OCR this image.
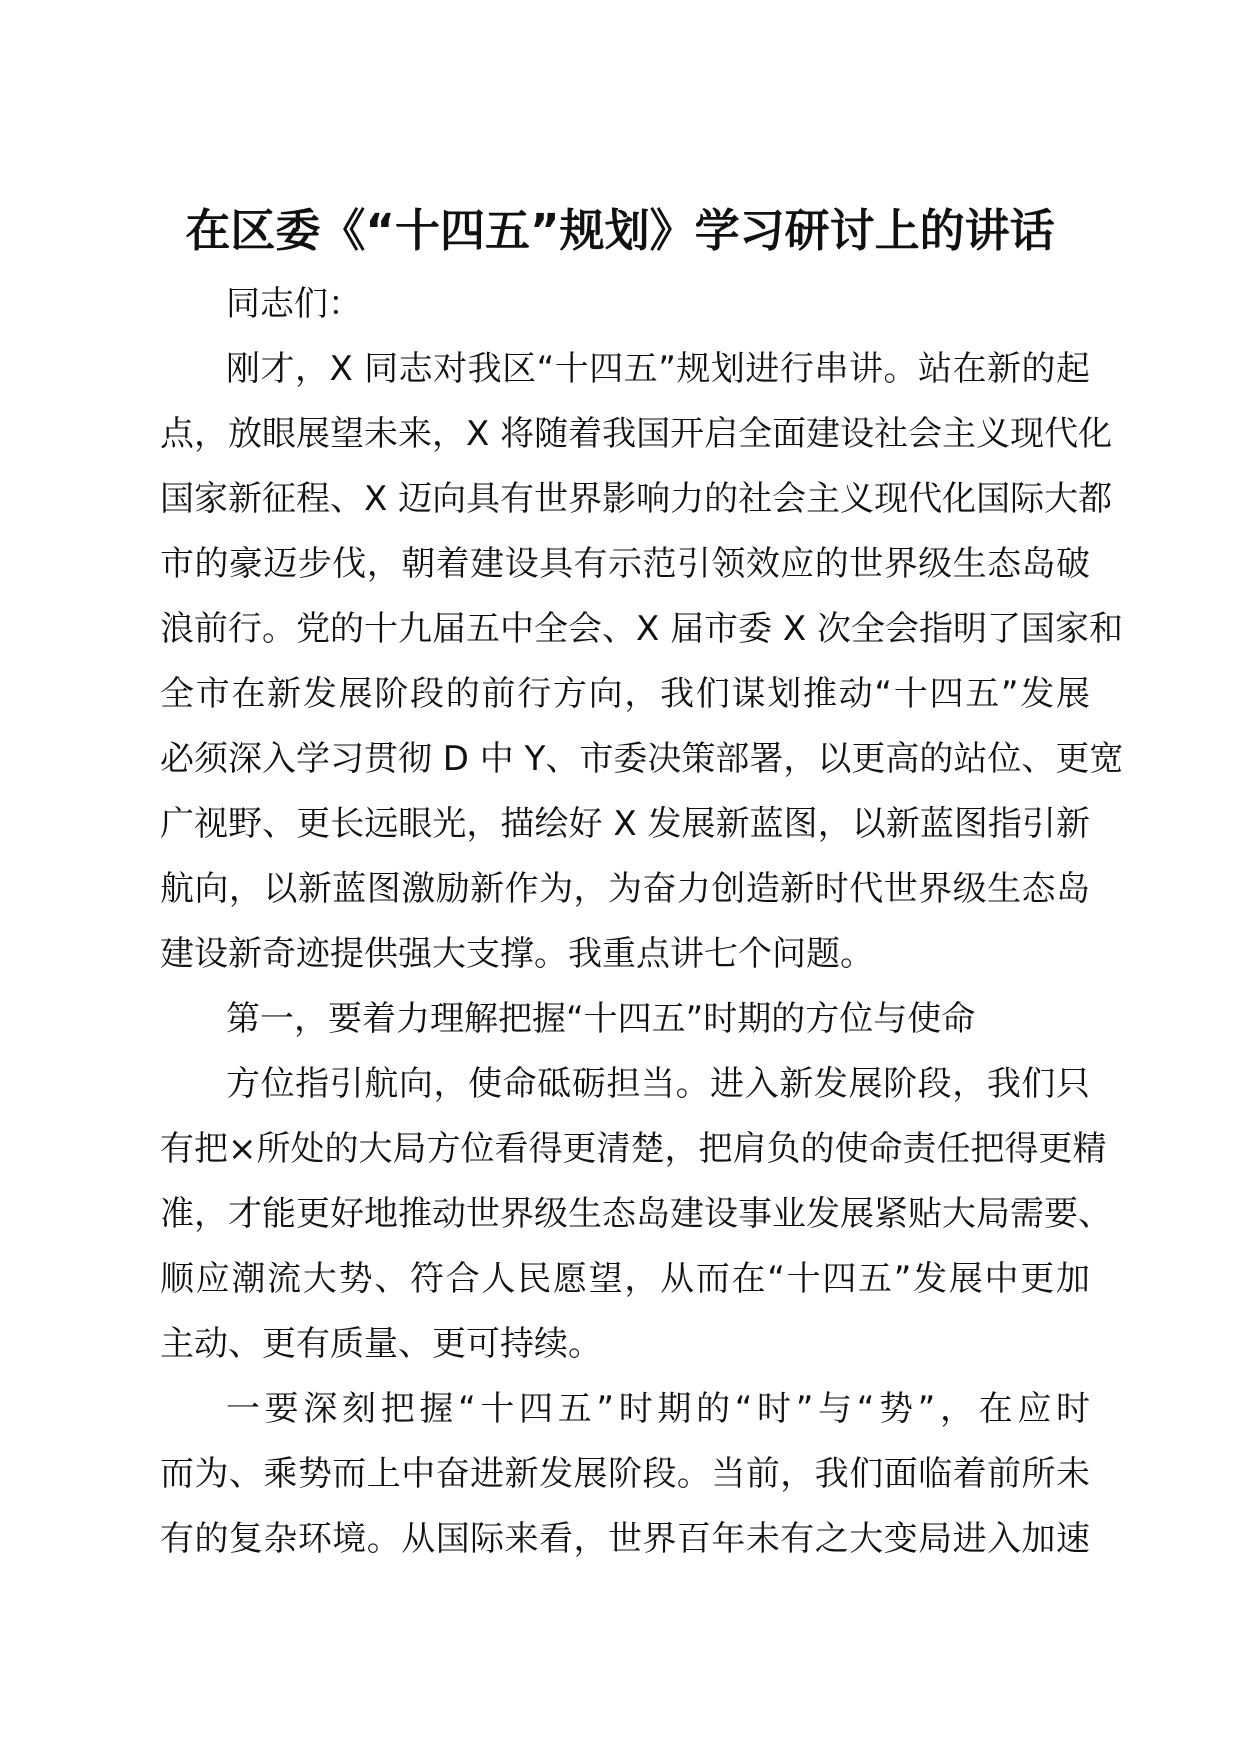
在区委《“十四五”规划》学习研讨上的讲话
同志们：
刚才，X 同志对我区“十四五”规划进行串讲。站在新的起
点，放眼展望未来，X 将随着我国开启全面建设社会主义现代化
国家新征程、X 迈向具有世界影响力的社会主义现代化国际大都
市的豪迈步伐，朝着建设具有示范引领效应的世界级生态岛破
浪前行。党的十九届五中全会、X 届市委 X 次全会指明了国家和
全市在新发展阶段的前行方向，我们谋划推动“十四五”发展
必须深入学习贯彻 D 中 Y、市委决策部署，以更高的站位、更宽
广视野、更长远眼光，描绘好 X 发展新蓝图，以新蓝图指引新
航向，以新蓝图激励新作为，为奋力创造新时代世界级生态岛
建设新奇迹提供强大支撑。我重点讲七个问题。
第一，要着力理解把握“十四五”时期的方位与使命
方位指引航向，使命砥砺担当。进入新发展阶段，我们只
有把×所处的大局方位看得更清楚，把肩负的使命责任把得更精
准，才能更好地推动世界级生态岛建设事业发展紧贴大局需要、
顺应潮流大势、符合人民愿望，从而在“十四五”发展中更加
主动、更有质量、更可持续。
一要深刻把握“十四五”时期的“时”与“势”，在应时
而为、乘势而上中奋进新发展阶段。当前，我们面临着前所未
有的复杂环境。从国际来看，世界百年未有之大变局进入加速
